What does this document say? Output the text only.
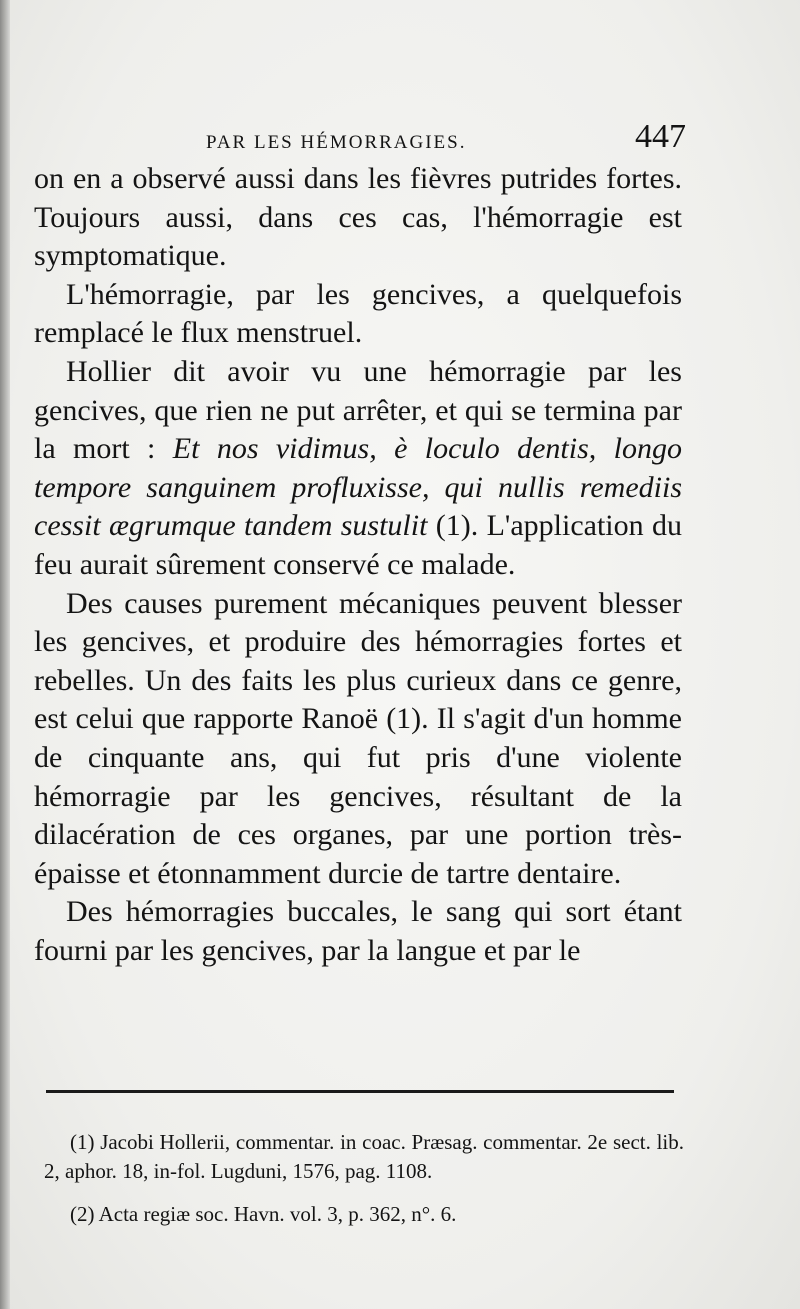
PAR LES HÉMORRAGIES.	447

on en a observé aussi dans les fièvres putrides fortes. Toujours aussi, dans ces cas, l'hémorragie est symptomatique.

L'hémorragie, par les gencives, a quelquefois remplacé le flux menstruel.

Hollier dit avoir vu une hémorragie par les gencives, que rien ne put arrêter, et qui se termina par la mort : Et nos vidimus, è loculo dentis, longo tempore sanguinem profluxisse, qui nullis remediis cessit ægrumque tandem sustulit (1). L'application du feu aurait sûrement conservé ce malade.

Des causes purement mécaniques peuvent blesser les gencives, et produire des hémorragies fortes et rebelles. Un des faits les plus curieux dans ce genre, est celui que rapporte Ranoë (1). Il s'agit d'un homme de cinquante ans, qui fut pris d'une violente hémorragie par les gencives, résultant de la dilacération de ces organes, par une portion très-épaisse et étonnamment durcie de tartre dentaire.

Des hémorragies buccales, le sang qui sort étant fourni par les gencives, par la langue et par le

(1) Jacobi Hollerii, commentar. in coac. Præsag. commentar. 2e sect. lib. 2, aphor. 18, in-fol. Lugduni, 1576, pag. 1108.

(2) Acta regiæ soc. Havn. vol. 3, p. 362, n°. 6.
